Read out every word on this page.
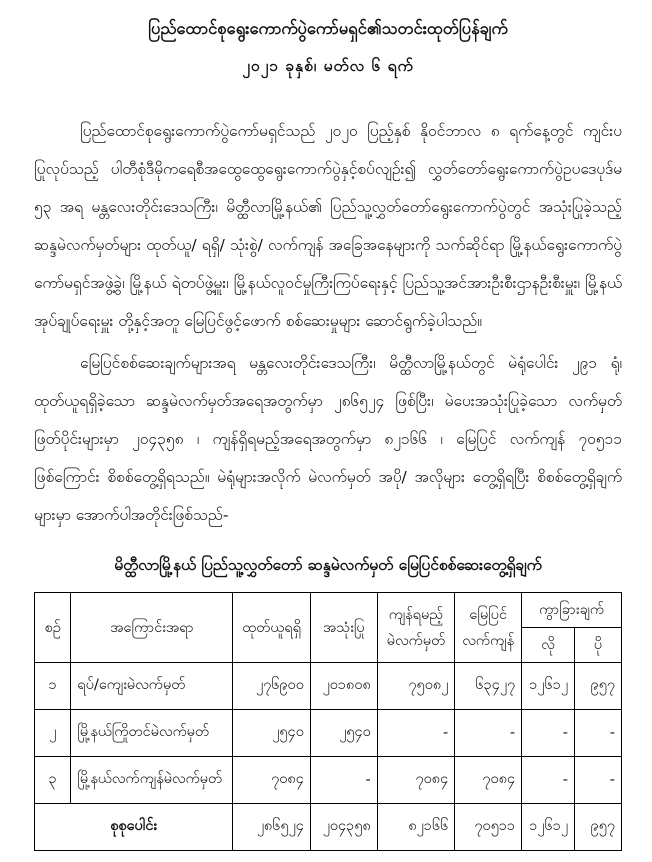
ပြည်ထောင်စုရွေးကောက်ပွဲကော်မရှင်၏သတင်းထုတ်ပြန်ချက်
၂၀၂၁ ခုနှစ်၊ မတ်လ ၆ ရက်

ပြည်ထောင်စုရွေးကောက်ပွဲကော်မရှင်သည် ၂၀၂၀ ပြည့်နှစ် နိုဝင်ဘာလ ၈ ရက်နေ့တွင် ကျင်းပပြုလုပ်သည့် ပါတီစုံဒီမိုကရေစီအထွေထွေရွေးကောက်ပွဲနှင့်စပ်လျဉ်း၍ လွှတ်တော်ရွေးကောက်ပွဲဥပဒေပုဒ်မ ၅၃ အရ မန္တလေးတိုင်းဒေသကြီး၊ မိတ္ထီလာမြို့နယ်၏ ပြည်သူ့လွှတ်တော်ရွေးကောက်ပွဲတွင် အသုံးပြုခဲ့သည့် ဆန္ဒမဲလက်မှတ်များ ထုတ်ယူ/ ရရှိ/ သုံးစွဲ/ လက်ကျန် အခြေအနေများကို သက်ဆိုင်ရာ မြို့နယ်ရွေးကောက်ပွဲကော်မရှင်အဖွဲ့ခွဲ၊ မြို့နယ် ရဲတပ်ဖွဲ့မှူး၊ မြို့နယ်လူဝင်မှုကြီးကြပ်ရေးနှင့် ပြည်သူ့အင်အားဦးစီးဌာနဦးစီးမှူး၊ မြို့နယ် အုပ်ချုပ်ရေးမှူး တို့နှင့်အတူ မြေပြင်ဖွင့်ဖောက် စစ်ဆေးမှုများ ဆောင်ရွက်ခဲ့ပါသည်။

မြေပြင်စစ်ဆေးချက်များအရ မန္တလေးတိုင်းဒေသကြီး၊ မိတ္ထီလာမြို့နယ်တွင် မဲရုံပေါင်း ၂၉၁ ရုံ၊ ထုတ်ယူရရှိခဲ့သော ဆန္ဒမဲလက်မှတ်အရေအတွက်မှာ ၂၈၆၅၂၄ ဖြစ်ပြီး၊ မဲပေးအသုံးပြုခဲ့သော လက်မှတ်ဖြတ်ပိုင်းများမှာ ၂၀၄၃၅၈ ၊ ကျန်ရှိရမည့်အရေအတွက်မှာ ၈၂၁၆၆ ၊ မြေပြင် လက်ကျန် ၇၀၅၁၁ ဖြစ်ကြောင်း စိစစ်တွေ့ရှိရသည်။ မဲရုံများအလိုက် မဲလက်မှတ် အပို/ အလိုများ တွေ့ရှိရပြီး စိစစ်တွေ့ရှိချက်များမှာ အောက်ပါအတိုင်းဖြစ်သည်-

မိတ္ထီလာမြို့နယ် ပြည်သူ့လွှတ်တော် ဆန္ဒမဲလက်မှတ် မြေပြင်စစ်ဆေးတွေ့ရှိချက်
စဉ်	အကြောင်းအရာ	ထုတ်ယူရရှိ	အသုံးပြု	ကျန်ရမည့် မဲလက်မှတ်	မြေပြင် လက်ကျန်	ကွာခြားချက်	
						လို	ပို
၁	ရပ်/ကျေးမဲလက်မှတ်	၂၇၆၉၀၀	၂၀၁၈၀၈	၇၅၀၈၂	၆၃၄၂၇	၁၂၆၁၂	၉၅၇
၂	မြို့နယ်ကြိုတင်မဲလက်မှတ်	၂၅၄၀	၂၅၄၀	-	-	-	-
၃	မြို့နယ်လက်ကျန်မဲလက်မှတ်	၇၀၈၄	-	၇၀၈၄	၇၀၈၄	-	-
စုစုပေါင်း		၂၈၆၅၂၄	၂၀၄၃၅၈	၈၂၁၆၆	၇၀၅၁၁	၁၂၆၁၂	၉၅၇
